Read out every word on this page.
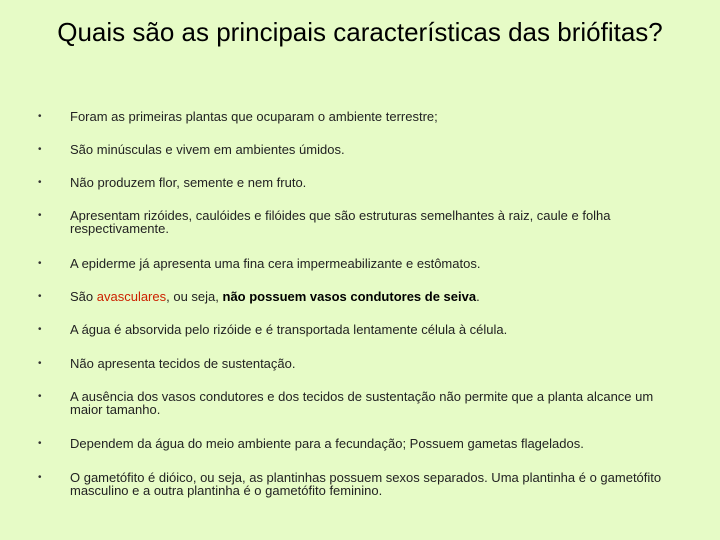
Quais são as principais características das briófitas?
•	Foram as primeiras plantas que ocuparam o ambiente terrestre;
•	São minúsculas e vivem em ambientes úmidos.
•	Não produzem flor, semente e nem fruto.
•	Apresentam rizóides, caulóides e filóides que são estruturas semelhantes à raiz, caule e folha respectivamente.
•	A epiderme já apresenta uma fina cera impermeabilizante e estômatos.
•	São avasculares, ou seja, não possuem vasos condutores de seiva.
•	A água é absorvida pelo rizóide e é transportada lentamente célula à célula.
•	Não apresenta tecidos de sustentação.
•	A ausência dos vasos condutores e dos tecidos de sustentação não permite que a planta alcance um maior tamanho.
•	Dependem da água do meio ambiente para a fecundação; Possuem gametas flagelados.
•	O gametófito é dióico, ou seja, as plantinhas possuem sexos separados. Uma plantinha é o gametófito masculino e a outra plantinha é o gametófito feminino.
